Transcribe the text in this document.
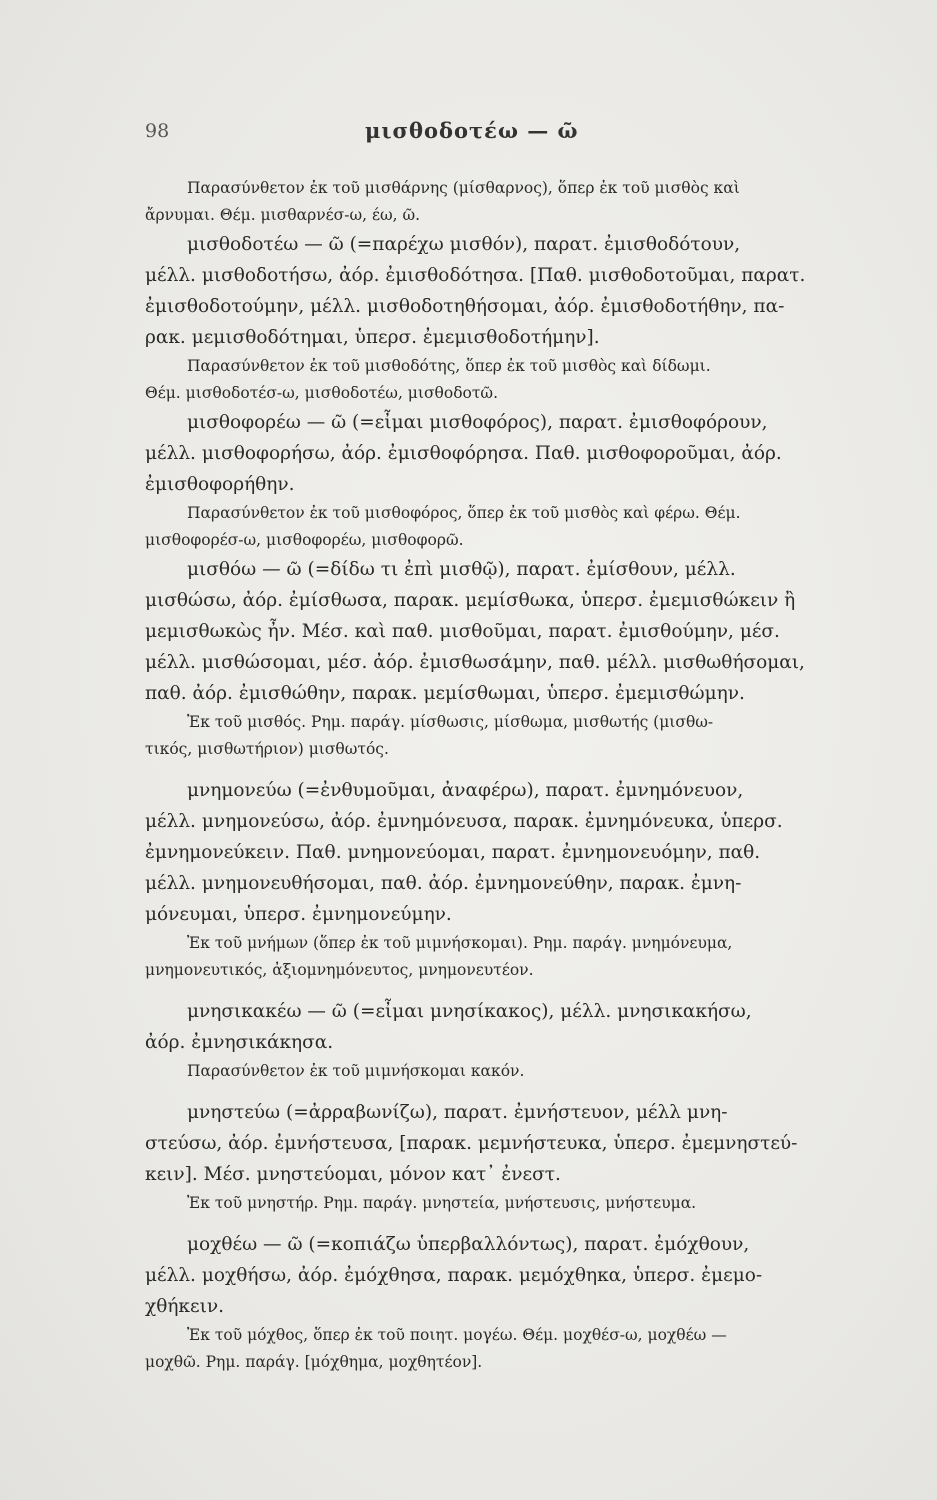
98	μισθοδοτέω — ῶ
Παρασύνθετον ἐκ τοῦ μισθάρνης (μίσθαρνος), ὅπερ ἐκ τοῦ μισθὸς καὶ
ἄρνυμαι. Θέμ. μισθαρνέσ-ω, έω, ῶ.
μισθοδοτέω — ῶ (=παρέχω μισθόν), παρατ. ἐμισθοδότουν,
μέλλ. μισθοδοτήσω, ἀόρ. ἐμισθοδότησα. [Παθ. μισθοδοτοῦμαι, παρατ.
ἐμισθοδοτούμην, μέλλ. μισθοδοτηθήσομαι, ἀόρ. ἐμισθοδοτήθην, πα-
ρακ. μεμισθοδότημαι, ὑπερσ. ἐμεμισθοδοτήμην].
Παρασύνθετον ἐκ τοῦ μισθοδότης, ὅπερ ἐκ τοῦ μισθὸς καὶ δίδωμι.
Θέμ. μισθοδοτέσ-ω, μισθοδοτέω, μισθοδοτῶ.
μισθοφορέω — ῶ (=εἶμαι μισθοφόρος), παρατ. ἐμισθοφόρουν,
μέλλ. μισθοφορήσω, ἀόρ. ἐμισθοφόρησα. Παθ. μισθοφοροῦμαι, ἀόρ.
ἐμισθοφορήθην.
Παρασύνθετον ἐκ τοῦ μισθοφόρος, ὅπερ ἐκ τοῦ μισθὸς καὶ φέρω. Θέμ.
μισθοφορέσ-ω, μισθοφορέω, μισθοφορῶ.
μισθόω — ῶ (=δίδω τι ἐπὶ μισθῷ), παρατ. ἐμίσθουν, μέλλ.
μισθώσω, ἀόρ. ἐμίσθωσα, παρακ. μεμίσθωκα, ὑπερσ. ἐμεμισθώκειν ἢ
μεμισθωκὼς ἦν. Μέσ. καὶ παθ. μισθοῦμαι, παρατ. ἐμισθούμην, μέσ.
μέλλ. μισθώσομαι, μέσ. ἀόρ. ἐμισθωσάμην, παθ. μέλλ. μισθωθήσομαι,
παθ. ἀόρ. ἐμισθώθην, παρακ. μεμίσθωμαι, ὑπερσ. ἐμεμισθώμην.
Ἐκ τοῦ μισθός. Ρημ. παράγ. μίσθωσις, μίσθωμα, μισθωτής (μισθω-
τικός, μισθωτήριον) μισθωτός.
μνημονεύω (=ἐνθυμοῦμαι, ἀναφέρω), παρατ. ἐμνημόνευον,
μέλλ. μνημονεύσω, ἀόρ. ἐμνημόνευσα, παρακ. ἐμνημόνευκα, ὑπερσ.
ἐμνημονεύκειν. Παθ. μνημονεύομαι, παρατ. ἐμνημονευόμην, παθ.
μέλλ. μνημονευθήσομαι, παθ. ἀόρ. ἐμνημονεύθην, παρακ. ἐμνη-
μόνευμαι, ὑπερσ. ἐμνημονεύμην.
Ἐκ τοῦ μνήμων (ὅπερ ἐκ τοῦ μιμνήσκομαι). Ρημ. παράγ. μνημόνευμα,
μνημονευτικός, ἀξιομνημόνευτος, μνημονευτέον.
μνησικακέω — ῶ (=εἶμαι μνησίκακος), μέλλ. μνησικακήσω,
ἀόρ. ἐμνησικάκησα.
Παρασύνθετον ἐκ τοῦ μιμνήσκομαι κακόν.
μνηστεύω (=ἀρραβωνίζω), παρατ. ἐμνήστευον, μέλλ μνη-
στεύσω, ἀόρ. ἐμνήστευσα, [παρακ. μεμνήστευκα, ὑπερσ. ἐμεμνηστεύ-
κειν]. Μέσ. μνηστεύομαι, μόνον κατ᾽ ἐνεστ.
Ἐκ τοῦ μνηστήρ. Ρημ. παράγ. μνηστεία, μνήστευσις, μνήστευμα.
μοχθέω — ῶ (=κοπιάζω ὑπερβαλλόντως), παρατ. ἐμόχθουν,
μέλλ. μοχθήσω, ἀόρ. ἐμόχθησα, παρακ. μεμόχθηκα, ὑπερσ. ἐμεμο-
χθήκειν.
Ἐκ τοῦ μόχθος, ὅπερ ἐκ τοῦ ποιητ. μογέω. Θέμ. μοχθέσ-ω, μοχθέω —
μοχθῶ. Ρημ. παράγ. [μόχθημα, μοχθητέον].
